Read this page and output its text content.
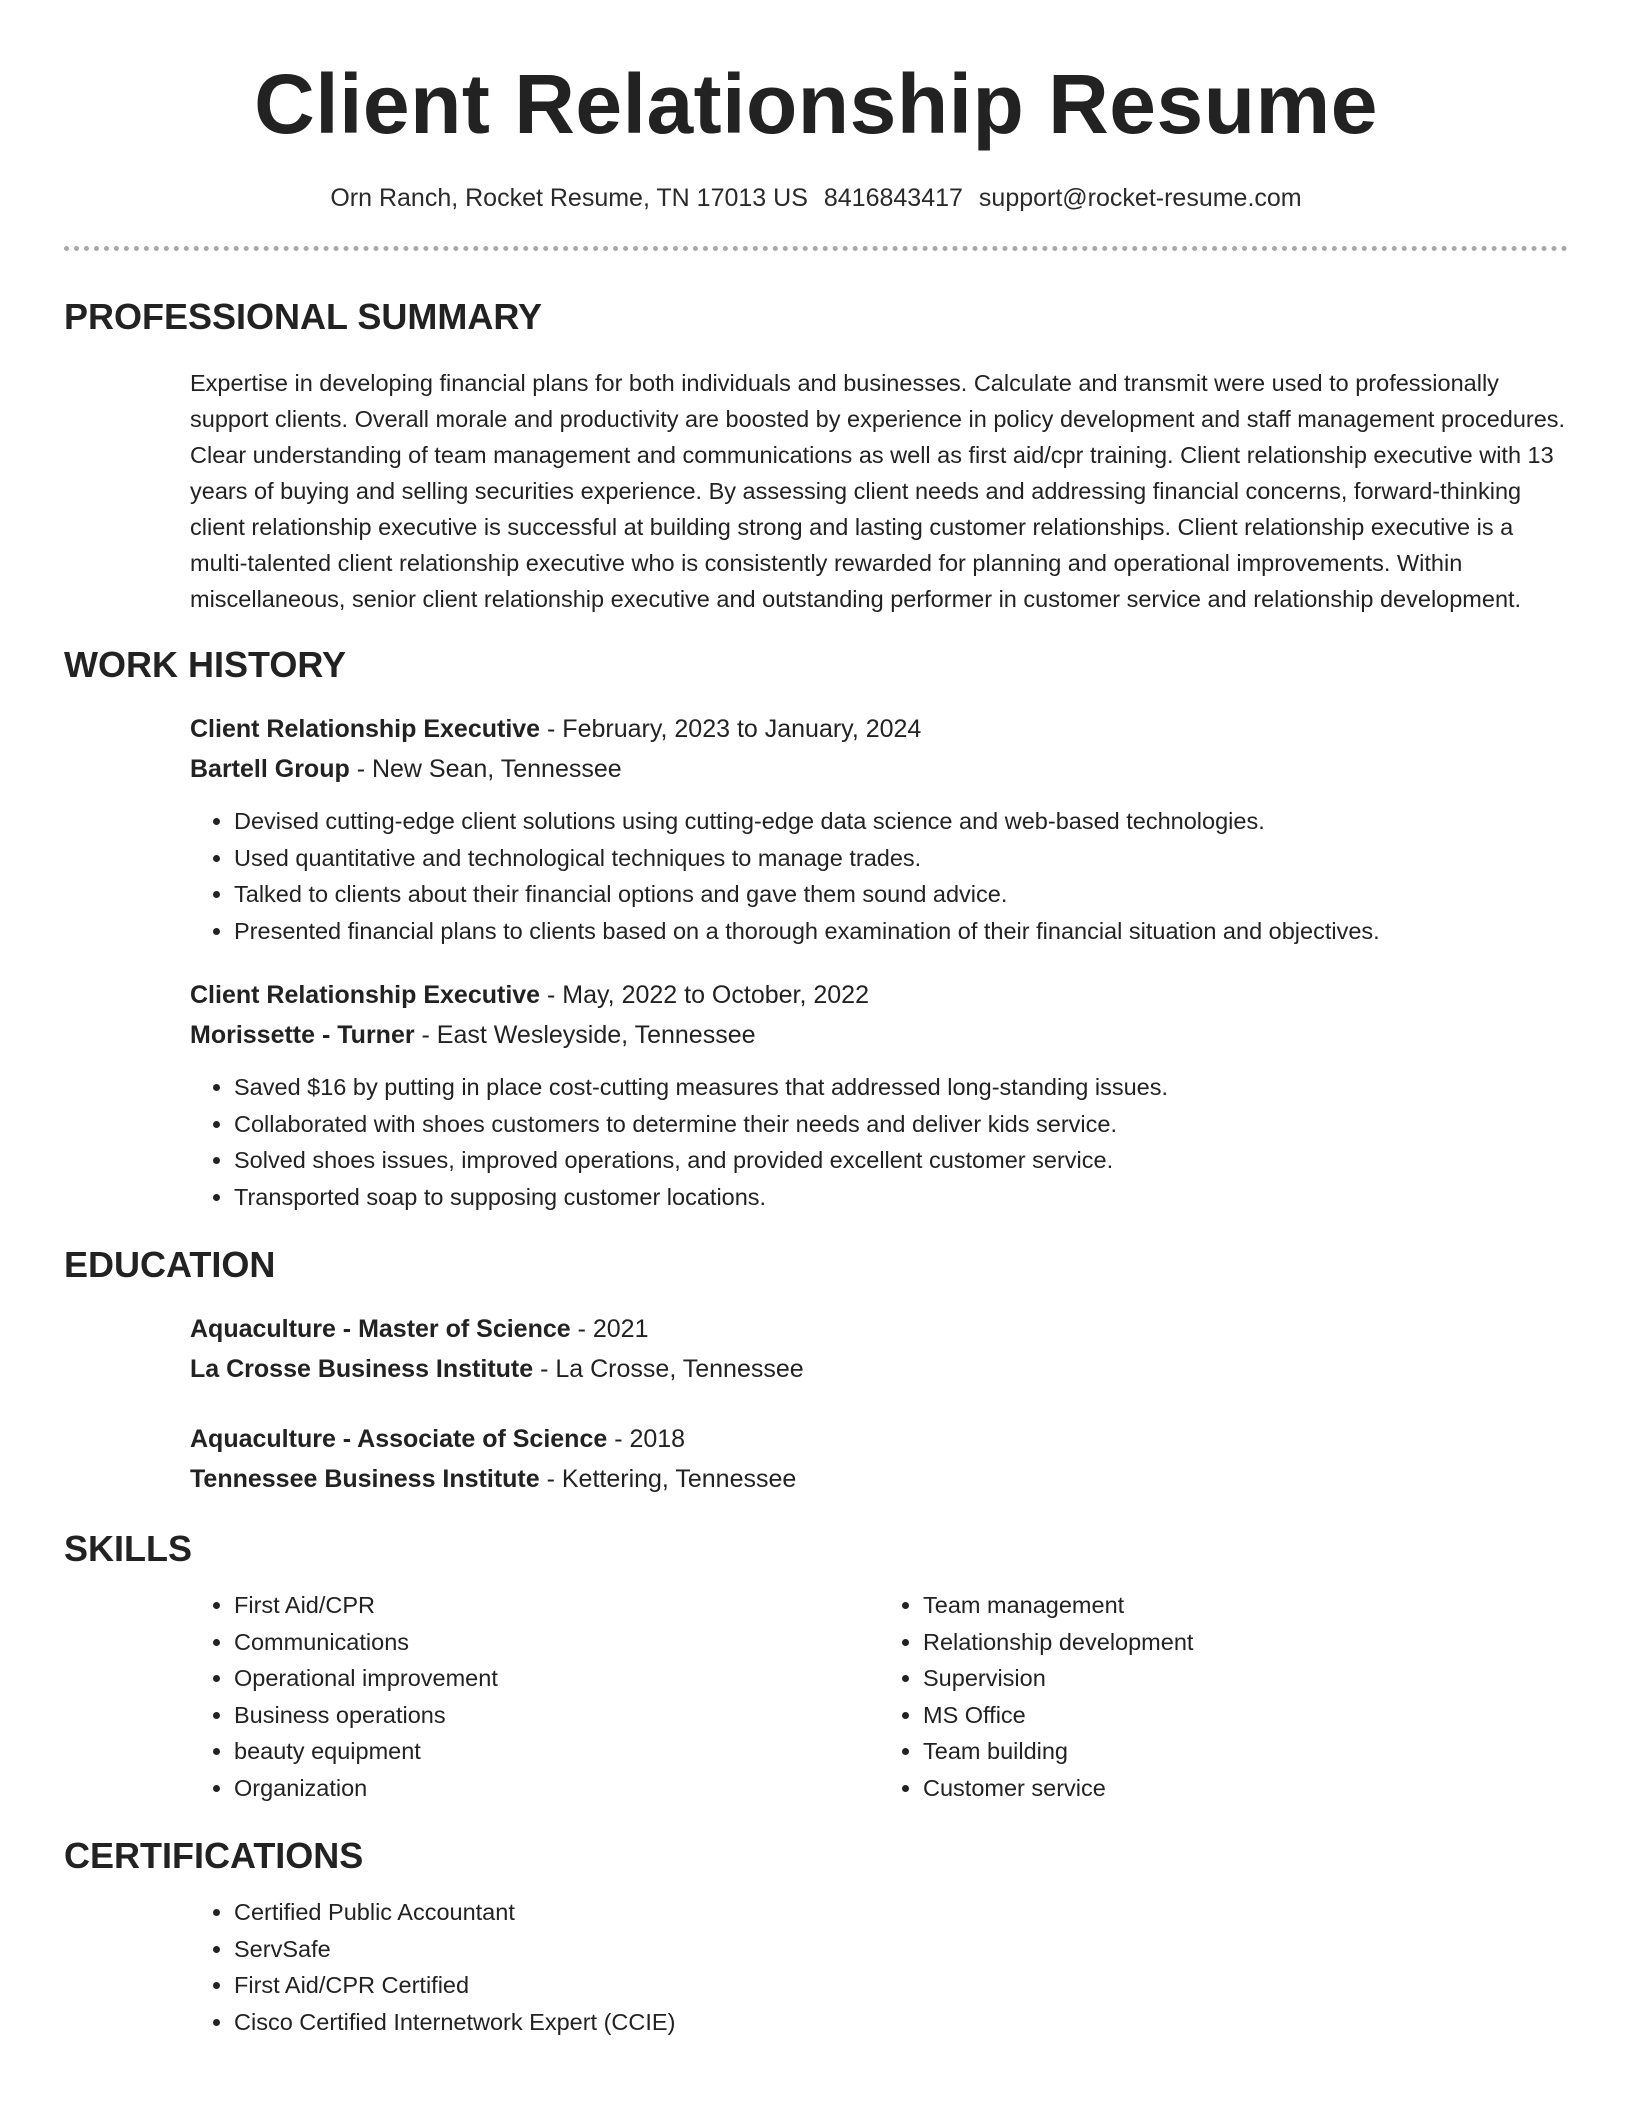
Client Relationship Resume
Orn Ranch, Rocket Resume, TN 17013 US 8416843417 support@rocket-resume.com
PROFESSIONAL SUMMARY

Expertise in developing financial plans for both individuals and businesses. Calculate and transmit were used to professionally support clients. Overall morale and productivity are boosted by experience in policy development and staff management procedures. Clear understanding of team management and communications as well as first aid/cpr training. Client relationship executive with 13 years of buying and selling securities experience. By assessing client needs and addressing financial concerns, forward-thinking client relationship executive is successful at building strong and lasting customer relationships. Client relationship executive is a multi-talented client relationship executive who is consistently rewarded for planning and operational improvements. Within miscellaneous, senior client relationship executive and outstanding performer in customer service and relationship development.

WORK HISTORY
Client Relationship Executive - February, 2023 to January, 2024
Bartell Group - New Sean, Tennessee
• Devised cutting-edge client solutions using cutting-edge data science and web-based technologies.
• Used quantitative and technological techniques to manage trades.
• Talked to clients about their financial options and gave them sound advice.
• Presented financial plans to clients based on a thorough examination of their financial situation and objectives.
Client Relationship Executive - May, 2022 to October, 2022
Morissette - Turner - East Wesleyside, Tennessee
• Saved $16 by putting in place cost-cutting measures that addressed long-standing issues.
• Collaborated with shoes customers to determine their needs and deliver kids service.
• Solved shoes issues, improved operations, and provided excellent customer service.
• Transported soap to supposing customer locations.
EDUCATION
Aquaculture - Master of Science - 2021
La Crosse Business Institute - La Crosse, Tennessee
Aquaculture - Associate of Science - 2018
Tennessee Business Institute - Kettering, Tennessee
SKILLS
• First Aid/CPR
• Communications
• Operational improvement
• Business operations
• beauty equipment
• Organization
• Team management
• Relationship development
• Supervision
• MS Office
• Team building
• Customer service
CERTIFICATIONS
• Certified Public Accountant
• ServSafe
• First Aid/CPR Certified
• Cisco Certified Internetwork Expert (CCIE)
